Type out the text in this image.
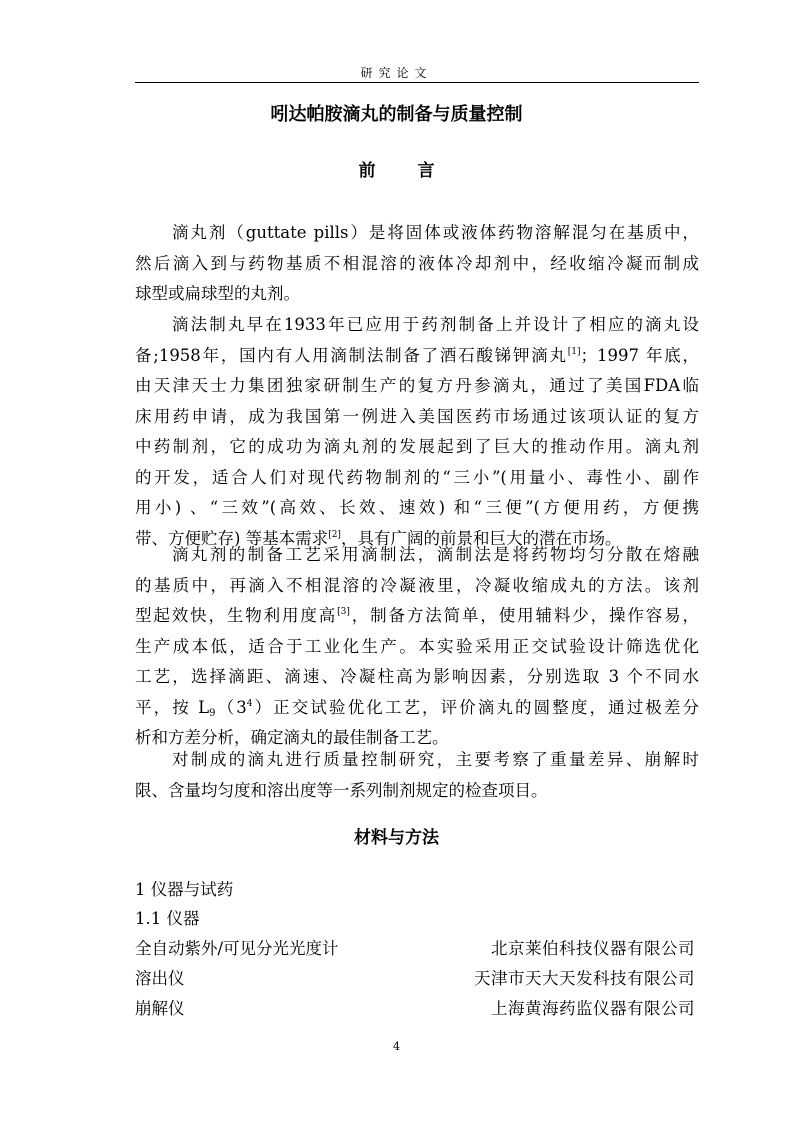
研究论文
吲达帕胺滴丸的制备与质量控制
前 言
滴丸剂（guttate pills）是将固体或液体药物溶解混匀在基质中，
然后滴入到与药物基质不相混溶的液体冷却剂中，经收缩冷凝而制成
球型或扁球型的丸剂。
滴法制丸早在1933年已应用于药剂制备上并设计了相应的滴丸设
备;1958年，国内有人用滴制法制备了酒石酸锑钾滴丸[1]；1997 年底，
由天津天士力集团独家研制生产的复方丹参滴丸，通过了美国FDA临
床用药申请，成为我国第一例进入美国医药市场通过该项认证的复方
中药制剂，它的成功为滴丸剂的发展起到了巨大的推动作用。滴丸剂
的开发，适合人们对现代药物制剂的“三小”(用量小、毒性小、副作
用小) 、“三效”(高效、长效、速效) 和“三便”(方便用药，方便携
带、方便贮存) 等基本需求[2]，具有广阔的前景和巨大的潜在市场。
滴丸剂的制备工艺采用滴制法，滴制法是将药物均匀分散在熔融
的基质中，再滴入不相混溶的冷凝液里，冷凝收缩成丸的方法。该剂
型起效快，生物利用度高[3]，制备方法简单，使用辅料少，操作容易，
生产成本低，适合于工业化生产。本实验采用正交试验设计筛选优化
工艺，选择滴距、滴速、冷凝柱高为影响因素，分别选取 3 个不同水
平，按 $L_9(3^4)$正交试验优化工艺，评价滴丸的圆整度，通过极差分
析和方差分析，确定滴丸的最佳制备工艺。
对制成的滴丸进行质量控制研究，主要考察了重量差异、崩解时
限、含量均匀度和溶出度等一系列制剂规定的检查项目。
材料与方法
1 仪器与试药
1.1 仪器
全自动紫外/可见分光光度计	北京莱伯科技仪器有限公司
溶出仪	天津市天大天发科技有限公司
崩解仪	上海黄海药监仪器有限公司
4
